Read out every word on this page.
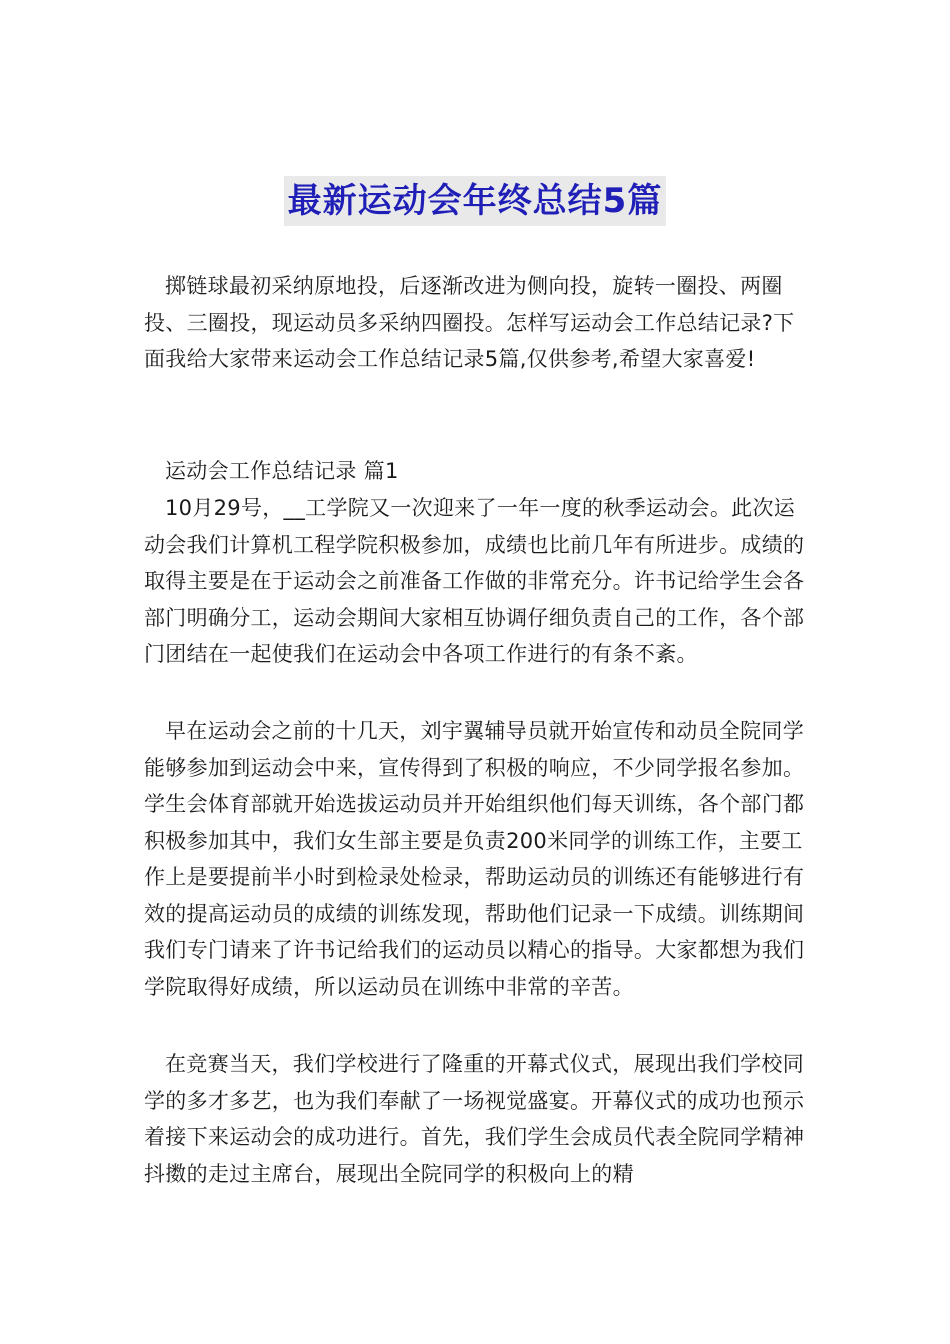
最新运动会年终总结5篇

掷链球最初采纳原地投，后逐渐改进为侧向投，旋转一圈投、两圈投、三圈投，现运动员多采纳四圈投。怎样写运动会工作总结记录?下面我给大家带来运动会工作总结记录5篇,仅供参考,希望大家喜爱!

运动会工作总结记录 篇1

10月29号，__工学院又一次迎来了一年一度的秋季运动会。此次运动会我们计算机工程学院积极参加，成绩也比前几年有所进步。成绩的取得主要是在于运动会之前准备工作做的非常充分。许书记给学生会各部门明确分工，运动会期间大家相互协调仔细负责自己的工作，各个部门团结在一起使我们在运动会中各项工作进行的有条不紊。

早在运动会之前的十几天，刘宇翼辅导员就开始宣传和动员全院同学能够参加到运动会中来，宣传得到了积极的响应，不少同学报名参加。学生会体育部就开始选拔运动员并开始组织他们每天训练，各个部门都积极参加其中，我们女生部主要是负责200米同学的训练工作，主要工作上是要提前半小时到检录处检录，帮助运动员的训练还有能够进行有效的提高运动员的成绩的训练发现，帮助他们记录一下成绩。训练期间我们专门请来了许书记给我们的运动员以精心的指导。大家都想为我们学院取得好成绩，所以运动员在训练中非常的辛苦。

在竞赛当天，我们学校进行了隆重的开幕式仪式，展现出我们学校同学的多才多艺，也为我们奉献了一场视觉盛宴。开幕仪式的成功也预示着接下来运动会的成功进行。首先，我们学生会成员代表全院同学精神抖擞的走过主席台，展现出全院同学的积极向上的精
